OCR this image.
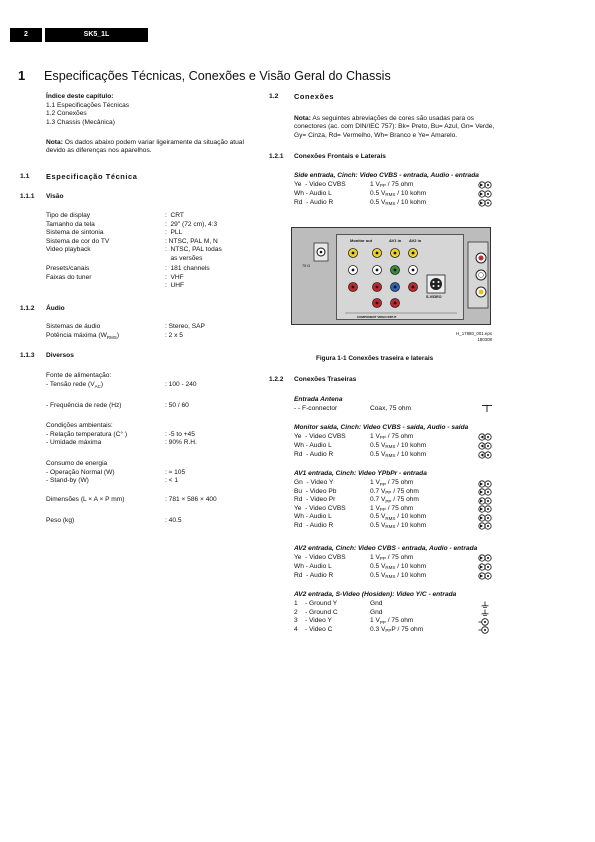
2	SK5_1L
1 Especificações Técnicas, Conexões e Visão Geral do Chassis
Índice deste capítulo:
1.1 Especificações Técnicas
1.2 Conexões
1.3 Chassis (Mecânica)
Nota: Os dados abaixo podem variar ligeiramente da situação atual devido as diferenças nos aparelhos.
1.1 Especificação Técnica
1.1.1 Visão
Tipo de display	:  CRT
Tamanho da tela	:  29" (72 cm), 4:3
Sistema de sintonia	:  PLL
Sistema de cor do TV	: NTSC, PAL M, N
Video playback	:  NTSC, PAL todas
as versões
Presets/canais	:  181 channels
Faixas do tuner	:  VHF
:  UHF
1.1.2 Áudio
Sistemas de áudio	: Stereo, SAP
Potência máxima $(W_{RMS})$	: 2 x 5
1.1.3 Diversos
Fonte de alimentação:
- Tensão rede $(V_{AC})$	: 100 - 240
- Frequência de rede (Hz)	: 50 / 60
Condições ambientais:
- Relação temperatura (C° )	: -5 to +45
- Umidade máxima	: 90% R.H.
Consumo de energia
- Operação Normal (W)	: ≈ 105
- Stand-by (W)	: < 1
Dimensões (L × A × P mm)	: 781 × 586 × 400
Peso (kg)	: 40.5
1.2 Conexões
Nota: As seguintes abreviações de cores são usadas para os conectores (ac. com DIN/IEC 757): Bk= Preto, Bu= Azul, Gn= Verde, Gy= Cinza, Rd= Vermelho, Wh= Branco e Ye= Amarelo.
1.2.1 Conexões Frontais e Laterais
Side entrada, Cinch: Video CVBS - entrada, Audio - entrada
Ye  - Video CVBS	1 $V_{PP} / 75$ ohm
Wh - Audio L	0.5 $V_{RMS} / 10$ kohm
Rd  - Audio R	0.5 $V_{RMS} / 10$ kohm
Monitor out	AV1 in AV2 in
S-VIDEO
COMPONENT VIDEO INPUT
75 Ω
H_17880_001.eps
180308
Figura 1-1 Conexões traseira e laterais
1.2.2 Conexões Traseiras
Entrada Antena
- - F-connector	Coax, 75 ohm
Monitor saída, Cinch: Video CVBS - saída, Audio - saída
Ye  - Video CVBS	1 $V_{PP} / 75$ ohm
Wh - Audio L	0.5 $V_{RMS} / 10$ kohm
Rd  - Audio R	0.5 $V_{RMS} / 10$ kohm
AV1 entrada, Cinch: Video YPbPr - entrada
Gn  - Video Y	1 $V_{PP} / 75$ ohm
Bu  - Video Pb	0.7 $V_{PP} / 75$ ohm
Rd  - Video Pr	0.7 $V_{PP} / 75$ ohm
Ye  - Video CVBS	1 $V_{PP} / 75$ ohm
Wh - Audio L	0.5 $V_{RMS} / 10$ kohm
Rd  - Audio R	0.5 $V_{RMS} / 10$ kohm
AV2 entrada, Cinch: Video CVBS - entrada, Audio - entrada
Ye  - Video CVBS	1 $V_{PP} / 75$ ohm
Wh - Audio L	0.5 $V_{RMS} / 10$ kohm
Rd  - Audio R	0.5 $V_{RMS} / 10$ kohm
AV2 entrada, S-Video (Hosiden): Video Y/C - entrada
1    - Ground Y	Gnd
2    - Ground C	Gnd
3    - Video Y	1 $V_{PP} / 75$ ohm
4    - Video C	0.3 $V_{PP}P / 75$ ohm
